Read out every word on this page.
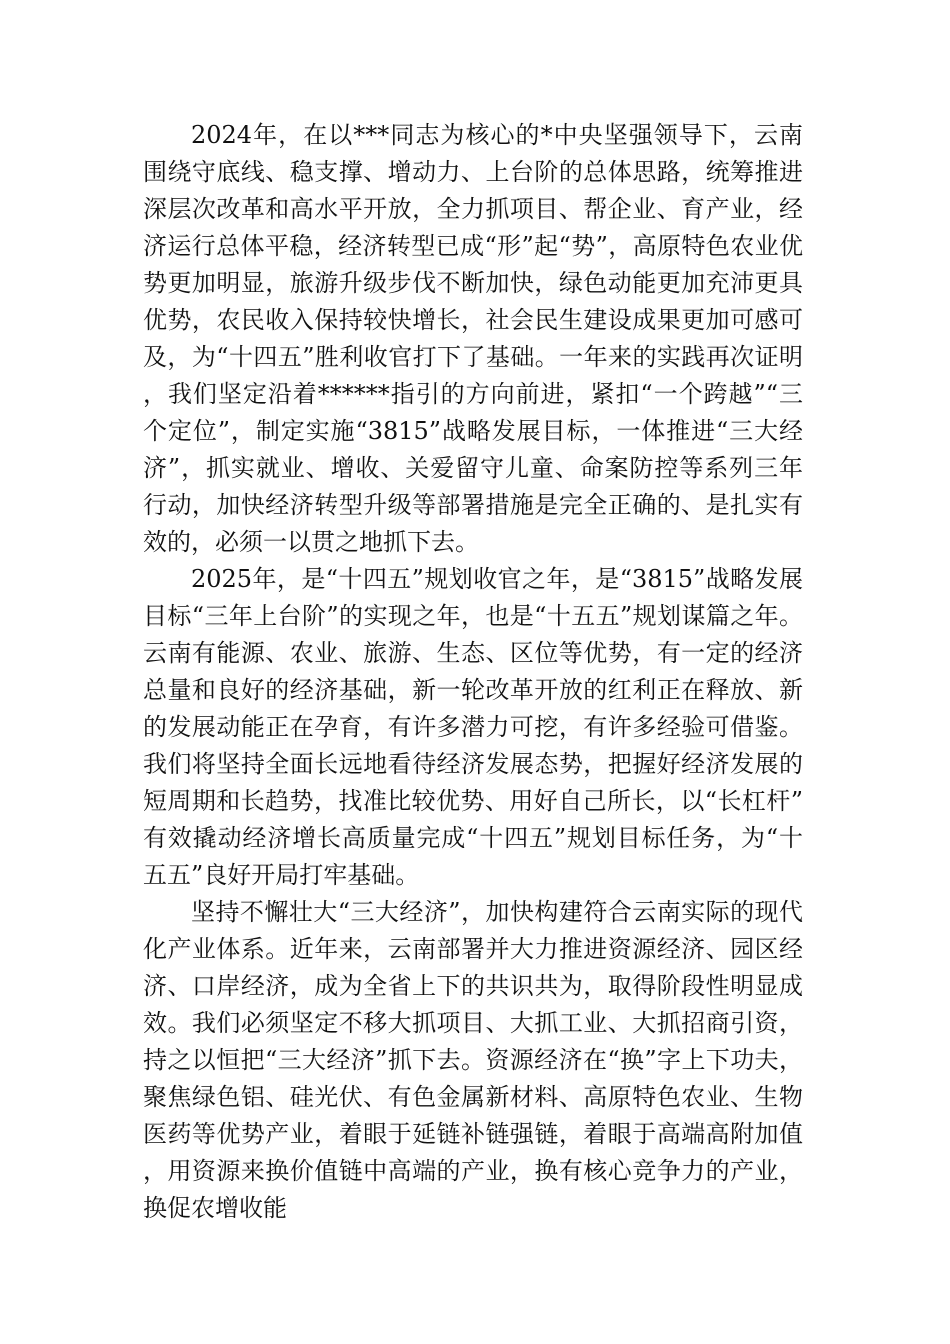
2024年，在以***同志为核心的*中央坚强领导下，云南围绕守底线、稳支撑、增动力、上台阶的总体思路，统筹推进深层次改革和高水平开放，全力抓项目、帮企业、育产业，经济运行总体平稳，经济转型已成“形”起“势”，高原特色农业优势更加明显，旅游升级步伐不断加快，绿色动能更加充沛更具优势，农民收入保持较快增长，社会民生建设成果更加可感可及，为“十四五”胜利收官打下了基础。一年来的实践再次证明，我们坚定沿着******指引的方向前进，紧扣“一个跨越”“三个定位”，制定实施“3815”战略发展目标，一体推进“三大经济”，抓实就业、增收、关爱留守儿童、命案防控等系列三年行动，加快经济转型升级等部署措施是完全正确的、是扎实有效的，必须一以贯之地抓下去。

2025年，是“十四五”规划收官之年，是“3815”战略发展目标“三年上台阶”的实现之年，也是“十五五”规划谋篇之年。云南有能源、农业、旅游、生态、区位等优势，有一定的经济总量和良好的经济基础，新一轮改革开放的红利正在释放、新的发展动能正在孕育，有许多潜力可挖，有许多经验可借鉴。我们将坚持全面长远地看待经济发展态势，把握好经济发展的短周期和长趋势，找准比较优势、用好自己所长，以“长杠杆”有效撬动经济增长高质量完成“十四五”规划目标任务，为“十五五”良好开局打牢基础。

坚持不懈壮大“三大经济”，加快构建符合云南实际的现代化产业体系。近年来，云南部署并大力推进资源经济、园区经济、口岸经济，成为全省上下的共识共为，取得阶段性明显成效。我们必须坚定不移大抓项目、大抓工业、大抓招商引资，持之以恒把“三大经济”抓下去。资源经济在“换”字上下功夫，聚焦绿色铝、硅光伏、有色金属新材料、高原特色农业、生物医药等优势产业，着眼于延链补链强链，着眼于高端高附加值，用资源来换价值链中高端的产业，换有核心竞争力的产业，换促农增收能
